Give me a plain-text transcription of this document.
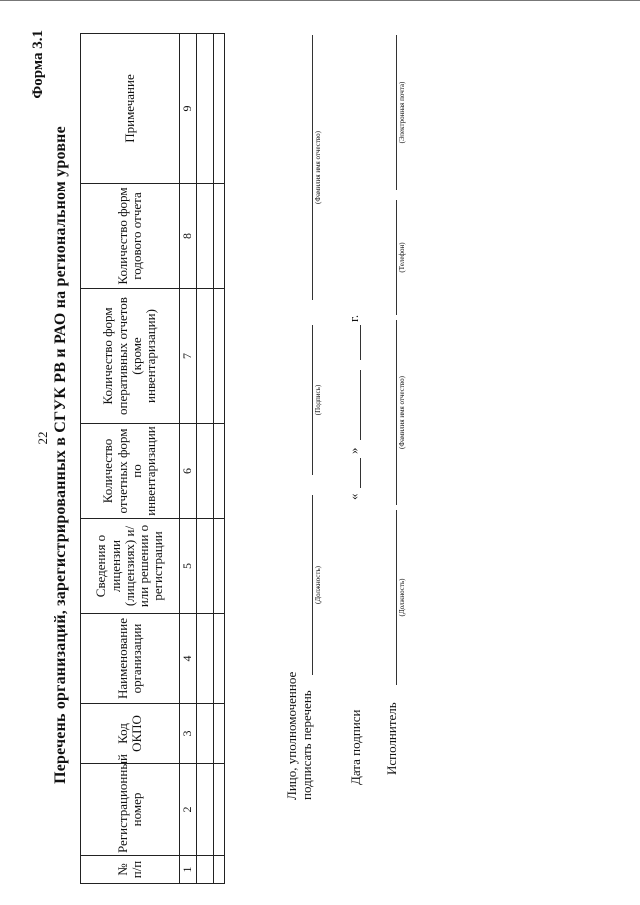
22
Форма 3.1
Перечень организаций, зарегистрированных в СГУК РВ и РАО на региональном уровне
№ п/п	Регистрационный номер	Код ОКПО	Наименование организации	Сведения о лицензии (лицензиях) и/или решении о регистрации	Количество отчетных форм по инвентаризации	Количество форм оперативных отчетов (кроме инвентаризации)	Количество форм годового отчета	Примечание
1	2	3	4	5	6	7	8	9

Лицо, уполномоченное подписать перечень
(Должность)
(Подпись)
(Фамилия имя отчество)
Дата подписи
«
»
г.
Исполнитель
(Должность)
(Фамилия имя отчество)
(Телефон)
(Электронная почта)
